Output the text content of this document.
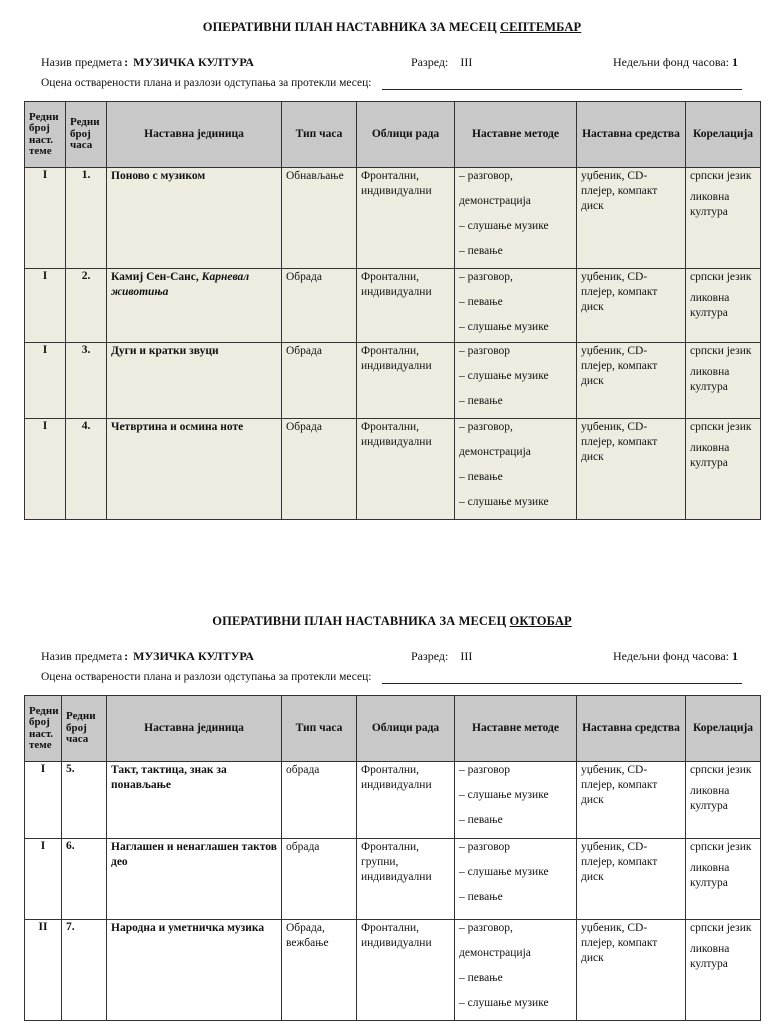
ОПЕРАТИВНИ ПЛАН НАСТАВНИКА ЗА МЕСЕЦ СЕПТЕМБАР
Назив предмета : МУЗИЧКА КУЛТУРА	Разред: III	Недељни фонд часова: 1
Оцена остварености плана и разлози одступања за протекли месец:
Редни број наст. теме	Редни број часа	Наставна јединица	Тип часа	Облици рада	Наставне методе	Наставна средства	Корелација
I	1.	Поново с музиком	Обнављање	Фронтални, индивидуални	– разговор,
демонстрација
– слушање музике
– певање	уџбеник, CD-плејер, компакт диск	српски језик
ликовна култура

I	2.	Камиј Сен-Санс, Карневал животиња	Обрада	Фронтални, индивидуални	– разговор,
– певање
– слушање музике	уџбеник, CD-плејер, компакт диск	српски језик
ликовна култура

I	3.	Дуги и кратки звуци	Обрада	Фронтални, индивидуални	– разговор
– слушање музике
– певање	уџбеник, CD-плејер, компакт диск	српски језик
ликовна култура

I	4.	Четвртина и осмина ноте	Обрада	Фронтални, индивидуални	– разговор,
демонстрација
– певање
– слушање музике	уџбеник, CD-плејер, компакт диск	српски језик
ликовна култура
ОПЕРАТИВНИ ПЛАН НАСТАВНИКА ЗА МЕСЕЦ ОКТОБАР
Назив предмета : МУЗИЧКА КУЛТУРА	Разред: III	Недељни фонд часова: 1
Оцена остварености плана и разлози одступања за протекли месец:
Редни број наст. теме	Редни број часа	Наставна јединица	Тип часа	Облици рада	Наставне методе	Наставна средства	Корелација
I	5.	Такт, тактица, знак за понављање	обрада	Фронтални, индивидуални	– разговор
– слушање музике
– певање	уџбеник, CD-плејер, компакт диск	српски језик
ликовна култура

I	6.	Наглашен и ненаглашен тактов део	обрада	Фронтални, групни, индивидуални	– разговор
– слушање музике
– певање	уџбеник, CD-плејер, компакт диск	српски језик
ликовна култура

II	7.	Народна и уметничка музика	Обрада, вежбање	Фронтални, индивидуални	– разговор,
демонстрација
– певање
– слушање музике	уџбеник, CD-плејер, компакт диск	српски језик
ликовна култура
